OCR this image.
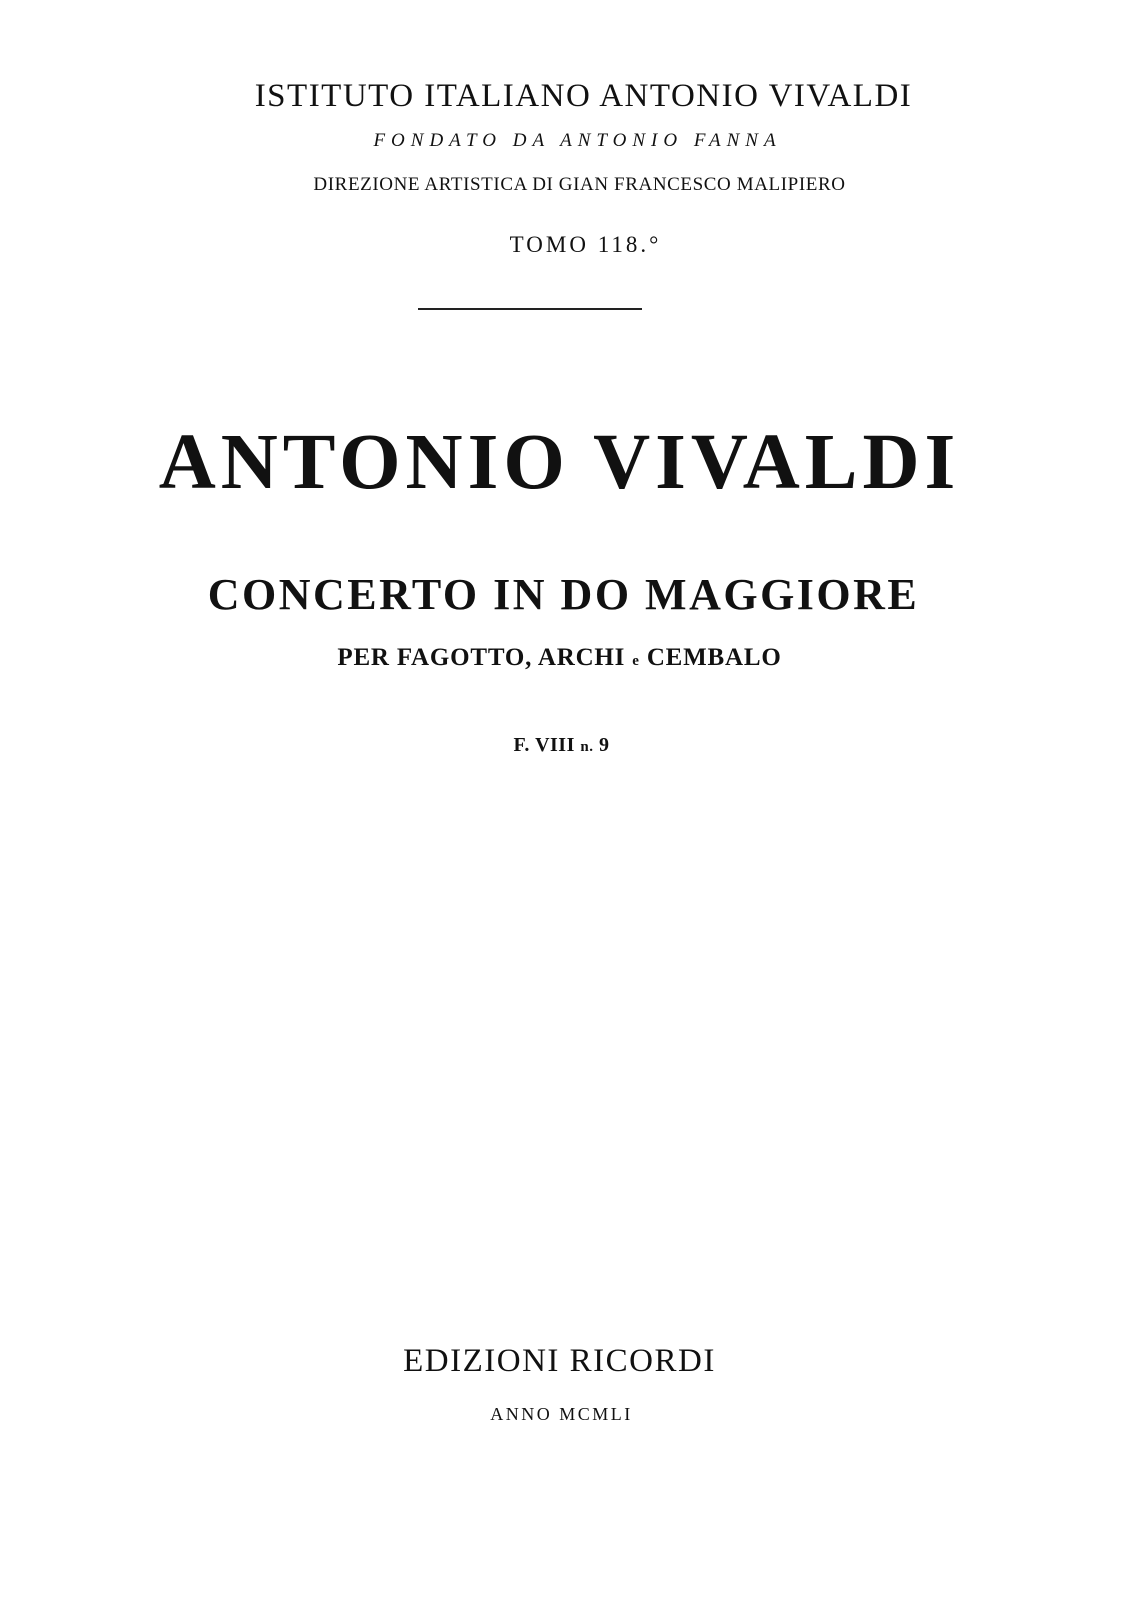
ISTITUTO ITALIANO ANTONIO VIVALDI

FONDATO DA ANTONIO FANNA

DIREZIONE ARTISTICA DI GIAN FRANCESCO MALIPIERO

TOMO 118.°

ANTONIO VIVALDI
CONCERTO IN DO MAGGIORE

PER FAGOTTO, ARCHI e CEMBALO

F. VIII n. 9

EDIZIONI RICORDI

ANNO MCMLI
